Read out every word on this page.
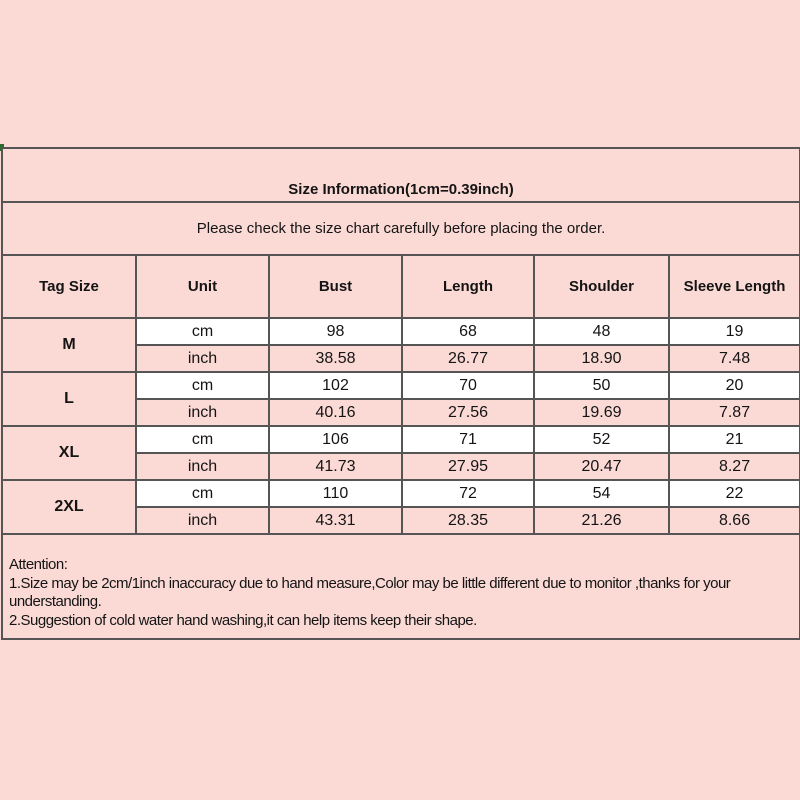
Size Information(1cm=0.39inch)					
Please check the size chart carefully before placing the order.					
Tag Size	Unit	Bust	Length	Shoulder	Sleeve Length
M	cm	98	68	48	19
	inch	38.58	26.77	18.90	7.48
L	cm	102	70	50	20
	inch	40.16	27.56	19.69	7.87
XL	cm	106	71	52	21
	inch	41.73	27.95	20.47	8.27
2XL	cm	110	72	54	22
	inch	43.31	28.35	21.26	8.66

Attention:
1.Size may be 2cm/1inch inaccuracy due to hand measure,Color may be little different due to monitor ,thanks for your understanding.
2.Suggestion of cold water hand washing,it can help items keep their shape.					
